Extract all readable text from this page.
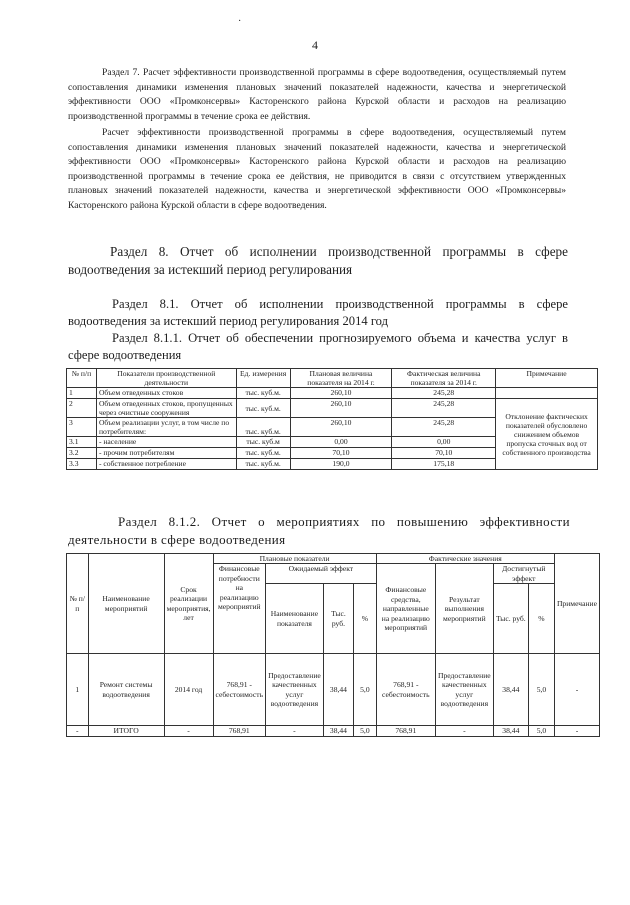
·
4
Раздел 7. Расчет эффективности производственной программы в сфере водоотведения, осуществляемый путем сопоставления динамики изменения плановых значений показателей надежности, качества и энергетической эффективности ООО «Промконсервы» Касторенского района Курской области и расходов на реализацию производственной программы в течение срока ее действия.
Расчет эффективности производственной программы в сфере водоотведения, осуществляемый путем сопоставления динамики изменения плановых значений показателей надежности, качества и энергетической эффективности ООО «Промконсервы» Касторенского района Курской области и расходов на реализацию производственной программы в течение срока ее действия, не приводится в связи с отсутствием утвержденных плановых значений показателей надежности, качества и энергетической эффективности ООО «Промконсервы» Касторенского района Курской области в сфере водоотведения.
Раздел 8. Отчет об исполнении производственной программы в сфере водоотведения за истекший период регулирования
Раздел 8.1. Отчет об исполнении производственной программы в сфере водоотведения за истекший период регулирования 2014 год
Раздел 8.1.1. Отчет об обеспечении прогнозируемого объема и качества услуг в сфере водоотведения
№ п/п	Показатели производственной деятельности	Ед. измерения	Плановая величина показателя на 2014 г.	Фактическая величина показателя за 2014 г.	Примечание
1	Объем отведенных стоков	тыс. куб.м.	260,10	245,28	
2	Объем отведенных стоков, пропущенных через очистные сооружения	тыс. куб.м.	260,10	245,28	Отклонение фактических показателей обусловлено снижением объемов пропуска сточных вод от собственного производства
3	Объем реализации услуг, в том числе по потребителям:	тыс. куб.м.	260,10	245,28	
3.1	- население	тыс. куб.м	0,00	0,00	
3.2	- прочим потребителям	тыс. куб.м.	70,10	70,10	
3.3	- собственное потребление	тыс. куб.м.	190,0	175,18	
Раздел 8.1.2. Отчет о мероприятиях по повышению эффективности деятельности в сфере водоотведения
№ п/п	Наименование мероприятий	Срок реализации мероприятия, лет	Плановые показатели				Фактические значения				Примечание
			Финансовые потребности на реализацию мероприятий	Ожидаемый эффект			Финансовые средства, направленные на реализацию мероприятий	Результат выполнения мероприятий	Достигнутый эффект		
				Наименование показателя	Тыс. руб.	%			Тыс. руб.	%	
1	Ремонт системы водоотведения	2014 год	768,91 - себестоимость	Предоставление качественных услуг водоотведения	38,44	5,0	768,91 - себестоимость	Предоставление качественных услуг водоотведения	38,44	5,0	-
-	ИТОГО	-	768,91	-	38,44	5,0	768,91	-	38,44	5,0	-
